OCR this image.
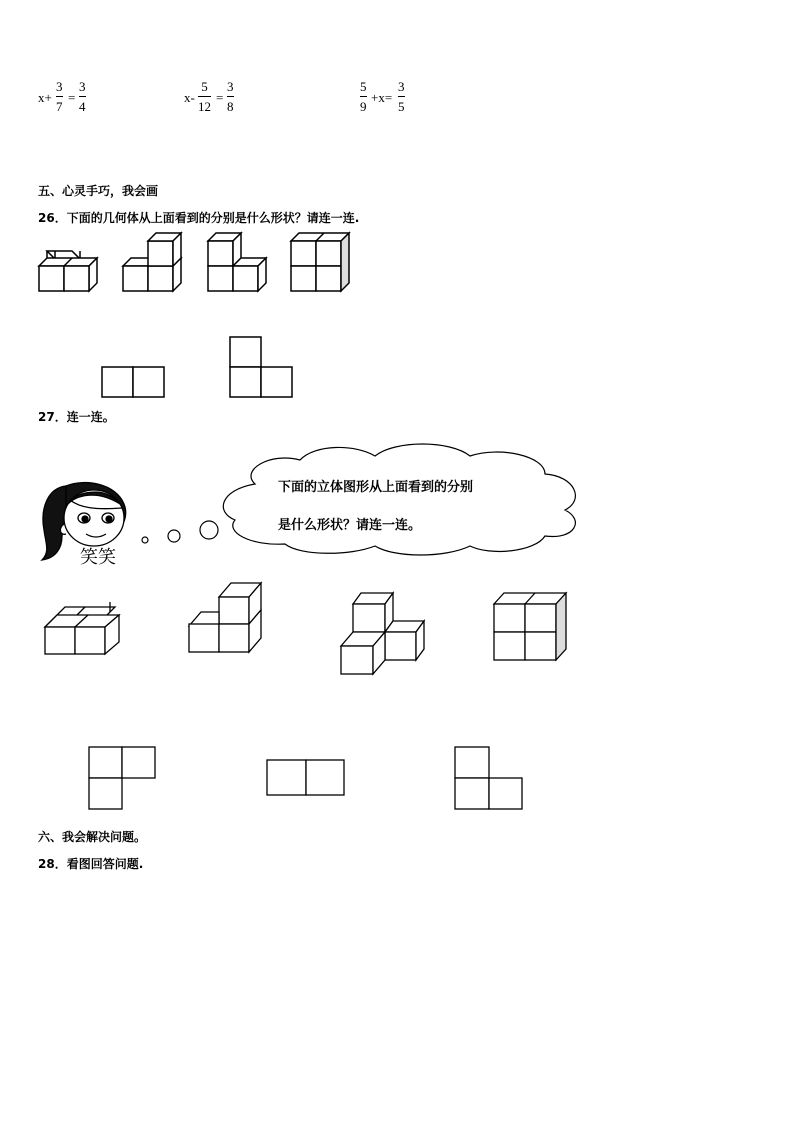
x+
3
7
=
3
4
x-
5
12
=
3
8
5
9
+x=
3
5
五、心灵手巧，我会画
26．下面的几何体从上面看到的分别是什么形状？请连一连.
27．连一连。
笑笑
下面的立体图形从上面看到的分别
是什么形状？请连一连。
六、我会解决问题。
28．看图回答问题.
